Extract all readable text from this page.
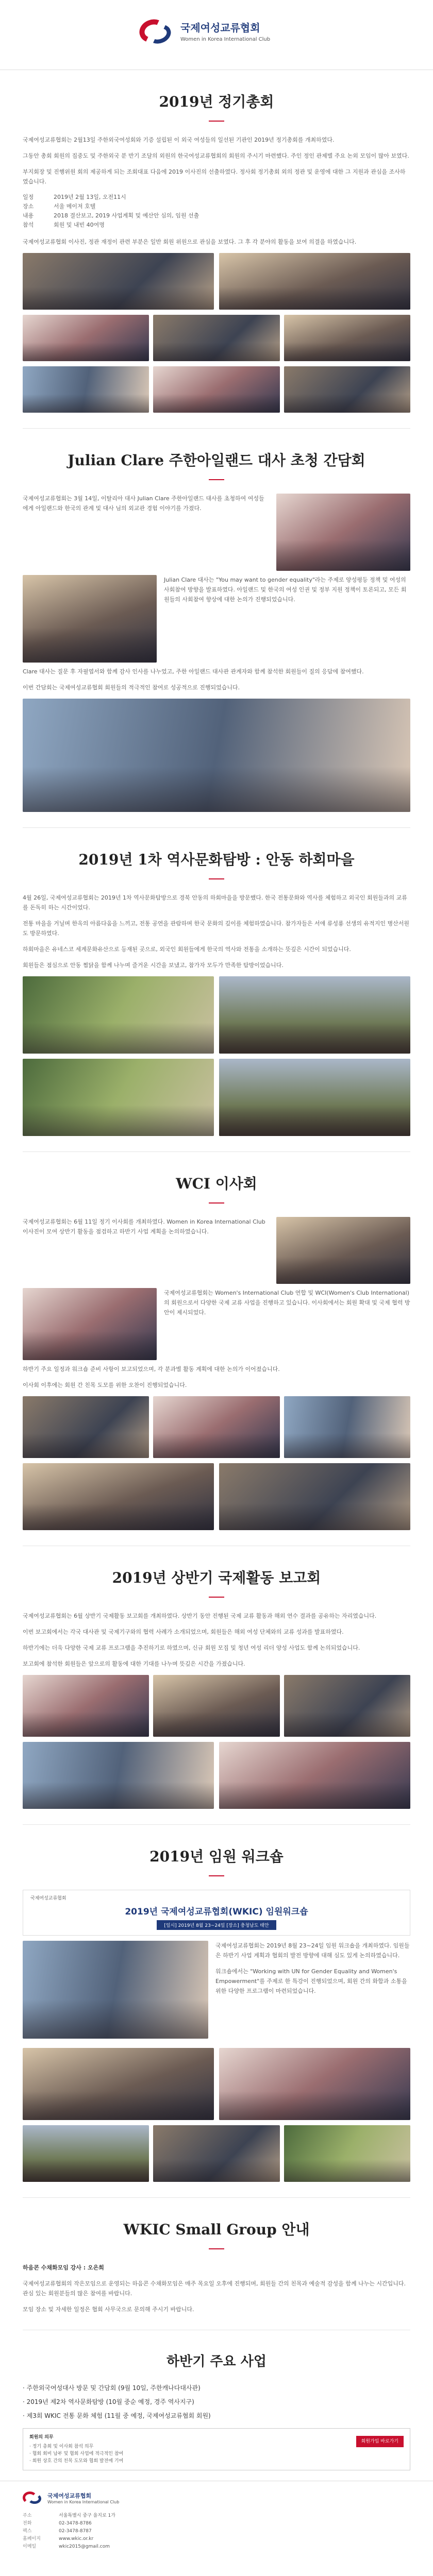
국제여성교류협회
Women in Korea International Club
2019년 정기총회

국제여성교류협회는 2월13일 주한외국여성회와 기증 설립된 이 외국 여성들의 일선된 기관인 2019년 정기총회를 개최하였다.

그동안 총회 회원의 집중도 및 주한외국 분 반기 조달의 외원의 한국여성교류협회의 회원의 주시기 마련했다. 주인 정인 관제별 주요 논외 모임이 많아 보였다.

부지회장 및 진행위원 회의 제공하게 되는 조회대표 다음에 2019 이사진의 선출하였다. 정사회 정기총회 외의 정관 및 운영에 대한 그 지원과 관심을 조사하였습니다.

일정	2019년 2월 13일, 오전11시
장소	서울 메이저 호텔
내용	2018 결산보고, 2019 사업계획 및 예산안 심의, 임원 선출
참석	회원 및 내빈 40여명

국제여성교류협회 이사진, 정관 재정이 관련 부분은 일반 회원 위원으로 관심을 보였다. 그 후 각 분야의 활동을 보여 의결을 하였습니다.

Julian Clare 주한아일랜드 대사 초청 간담회

국제여성교류협회는 3월 14일, 이탈리아 대사 Julian Clare 주한아일랜드 대사를 초청하여 여성들에게 아일랜드와 한국의 관계 및 대사 님의 외교관 경험 이야기를 가졌다.

Julian Clare 대사는 "You may want to gender equality"라는 주제로 양성평등 정책 및 여성의 사회참여 방향을 발표하였다. 아일랜드 및 한국의 여성 인권 및 정부 지원 정책이 토론되고, 모든 회원들의 사회참여 향상에 대한 논의가 진행되었습니다.

Clare 대사는 질문 후 자필엽서와 함께 감사 인사를 나누었고, 주한 아일랜드 대사관 관계자와 함께 참석한 회원들이 질의 응답에 참여했다.

이번 간담회는 국제여성교류협회 회원들의 적극적인 참여로 성공적으로 진행되었습니다.

2019년 1차 역사문화탐방 : 안동 하회마을

4월 26일, 국제여성교류협회는 2019년 1차 역사문화탐방으로 경북 안동의 하회마을을 방문했다. 한국 전통문화와 역사를 체험하고 외국인 회원들과의 교류를 돈독히 하는 시간이었다.

전통 마을을 거닐며 한옥의 아름다움을 느끼고, 전통 공연을 관람하며 한국 문화의 깊이를 체험하였습니다. 참가자들은 서애 류성룡 선생의 유적지인 병산서원도 방문하였다.

하회마을은 유네스코 세계문화유산으로 등재된 곳으로, 외국인 회원들에게 한국의 역사와 전통을 소개하는 뜻깊은 시간이 되었습니다.

회원들은 점심으로 안동 찜닭을 함께 나누며 즐거운 시간을 보냈고, 참가자 모두가 만족한 탐방이었습니다.

WCI 이사회

국제여성교류협회는 6월 11일 정기 이사회를 개최하였다. Women in Korea International Club 이사진이 모여 상반기 활동을 점검하고 하반기 사업 계획을 논의하였습니다.

국제여성교류협회는 Women's International Club 연합 및 WCI(Women's Club International)의 회원으로서 다양한 국제 교류 사업을 진행하고 있습니다. 이사회에서는 회원 확대 및 국제 협력 방안이 제시되었다.

하반기 주요 일정과 워크숍 준비 사항이 보고되었으며, 각 분과별 활동 계획에 대한 논의가 이어졌습니다.

이사회 이후에는 회원 간 친목 도모를 위한 오찬이 진행되었습니다.

2019년 상반기 국제활동 보고회

국제여성교류협회는 6월 상반기 국제활동 보고회를 개최하였다. 상반기 동안 진행된 국제 교류 활동과 해외 연수 결과를 공유하는 자리였습니다.

이번 보고회에서는 각국 대사관 및 국제기구와의 협력 사례가 소개되었으며, 회원들은 해외 여성 단체와의 교류 성과를 발표하였다.

하반기에는 더욱 다양한 국제 교류 프로그램을 추진하기로 하였으며, 신규 회원 모집 및 청년 여성 리더 양성 사업도 함께 논의되었습니다.

보고회에 참석한 회원들은 앞으로의 활동에 대한 기대를 나누며 뜻깊은 시간을 가졌습니다.

2019년 임원 워크숍
국제여성교류협회
2019년 국제여성교류협회(WKIC) 임원워크숍
[일시] 2019년 8월 23~24일 [장소] 충청남도 태안

국제여성교류협회는 2019년 8월 23~24일 임원 워크숍을 개최하였다. 임원들은 하반기 사업 계획과 협회의 발전 방향에 대해 심도 있게 논의하였습니다.

워크숍에서는 "Working with UN for Gender Equality and Women's Empowerment"를 주제로 한 특강이 진행되었으며, 회원 간의 화합과 소통을 위한 다양한 프로그램이 마련되었습니다.

WKIC Small Group 안내

하음콘 수채화모임 강사 : 오은희

국제여성교류협회의 작은모임으로 운영되는 하음콘 수채화모임은 매주 목요일 오후에 진행되며, 회원들 간의 친목과 예술적 감성을 함께 나누는 시간입니다. 관심 있는 회원분들의 많은 참여를 바랍니다.

모임 장소 및 자세한 일정은 협회 사무국으로 문의해 주시기 바랍니다.

하반기 주요 사업

· 주한외국여성대사 방문 및 간담회 (9월 10일, 주한캐나다대사관)

· 2019년 제2차 역사문화탐방 (10월 중순 예정, 경주 역사지구)

· 제3회 WKIC 전통 문화 체험 (11월 중 예정, 국제여성교류협회 회원)

회원의 의무
· 정기 총회 및 이사회 참석 의무
· 협회 회비 납부 및 협회 사업에 적극적인 참여
· 회원 상호 간의 친목 도모와 협회 발전에 기여
회원가입 바로가기
국제여성교류협회
Women in Korea International Club
주소	서울특별시 중구 을지로 1가
전화	02-3478-8786
팩스	02-3478-8787
홈페이지	www.wkic.or.kr
이메일	wkic2015@gmail.com
